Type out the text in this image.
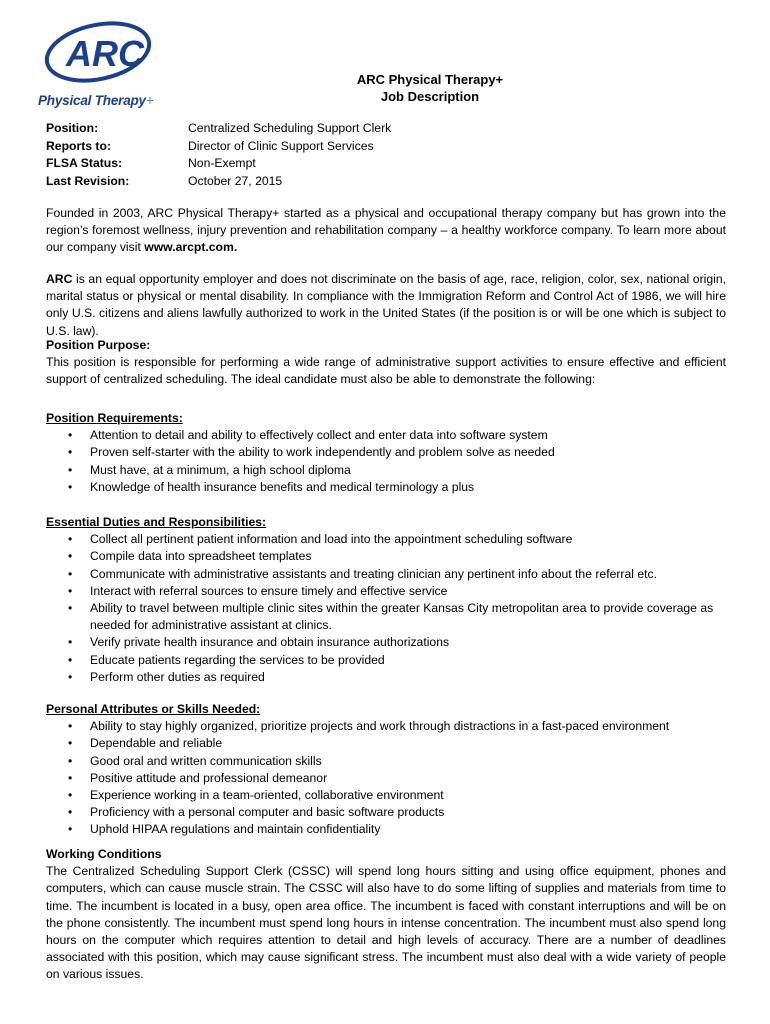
ARC
Physical Therapy+
ARC Physical Therapy+
Job Description
Position:	Centralized Scheduling Support Clerk
Reports to:	Director of Clinic Support Services
FLSA Status:	Non-Exempt
Last Revision:	October 27, 2015
Founded in 2003, ARC Physical Therapy+ started as a physical and occupational therapy company but has grown into the region’s foremost wellness, injury prevention and rehabilitation company – a healthy workforce company. To learn more about our company visit www.arcpt.com.
ARC is an equal opportunity employer and does not discriminate on the basis of age, race, religion, color, sex, national origin, marital status or physical or mental disability. In compliance with the Immigration Reform and Control Act of 1986, we will hire only U.S. citizens and aliens lawfully authorized to work in the United States (if the position is or will be one which is subject to U.S. law).
Position Purpose:
This position is responsible for performing a wide range of administrative support activities to ensure effective and efficient support of centralized scheduling. The ideal candidate must also be able to demonstrate the following:
Position Requirements:
• Attention to detail and ability to effectively collect and enter data into software system
• Proven self-starter with the ability to work independently and problem solve as needed
• Must have, at a minimum, a high school diploma
• Knowledge of health insurance benefits and medical terminology a plus
Essential Duties and Responsibilities:
• Collect all pertinent patient information and load into the appointment scheduling software
• Compile data into spreadsheet templates
• Communicate with administrative assistants and treating clinician any pertinent info about the referral etc.
• Interact with referral sources to ensure timely and effective service
• Ability to travel between multiple clinic sites within the greater Kansas City metropolitan area to provide coverage as needed for administrative assistant at clinics.
• Verify private health insurance and obtain insurance authorizations
• Educate patients regarding the services to be provided
• Perform other duties as required
Personal Attributes or Skills Needed:
• Ability to stay highly organized, prioritize projects and work through distractions in a fast-paced environment
• Dependable and reliable
• Good oral and written communication skills
• Positive attitude and professional demeanor
• Experience working in a team-oriented, collaborative environment
• Proficiency with a personal computer and basic software products
• Uphold HIPAA regulations and maintain confidentiality
Working Conditions
The Centralized Scheduling Support Clerk (CSSC) will spend long hours sitting and using office equipment, phones and computers, which can cause muscle strain. The CSSC will also have to do some lifting of supplies and materials from time to time. The incumbent is located in a busy, open area office. The incumbent is faced with constant interruptions and will be on the phone consistently. The incumbent must spend long hours in intense concentration. The incumbent must also spend long hours on the computer which requires attention to detail and high levels of accuracy. There are a number of deadlines associated with this position, which may cause significant stress. The incumbent must also deal with a wide variety of people on various issues.
